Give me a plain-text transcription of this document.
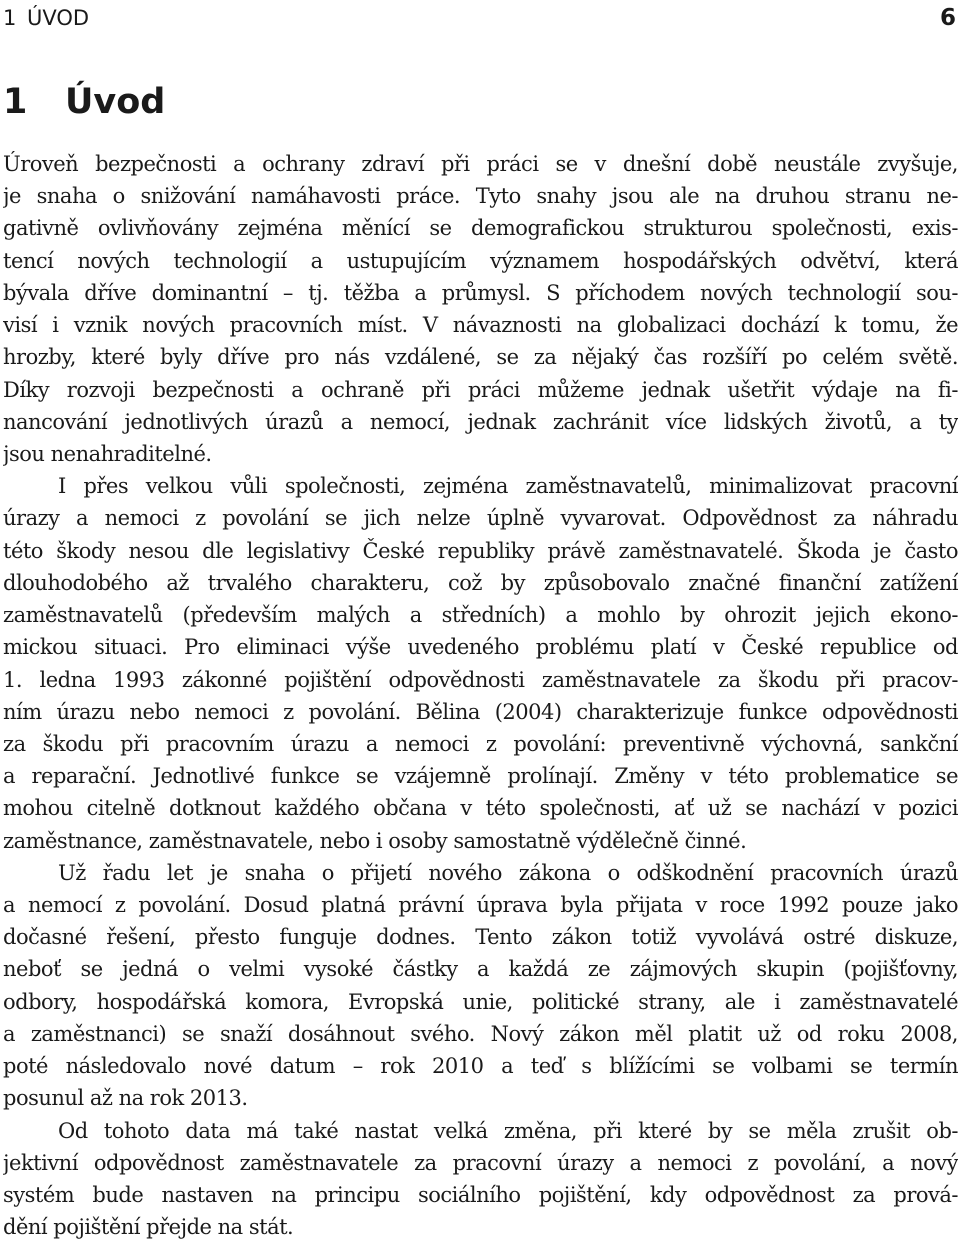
1 ÚVOD	6
1 Úvod
Úroveň bezpečnosti a ochrany zdraví při práci se v dnešní době neustále zvyšuje,
je snaha o snižování namáhavosti práce. Tyto snahy jsou ale na druhou stranu ne-
gativně ovlivňovány zejména měnící se demografickou strukturou společnosti, exis-
tencí nových technologií a ustupujícím významem hospodářských odvětví, která
bývala dříve dominantní – tj. těžba a průmysl. S příchodem nových technologií sou-
visí i vznik nových pracovních míst. V návaznosti na globalizaci dochází k tomu, že
hrozby, které byly dříve pro nás vzdálené, se za nějaký čas rozšíří po celém světě.
Díky rozvoji bezpečnosti a ochraně při práci můžeme jednak ušetřit výdaje na fi-
nancování jednotlivých úrazů a nemocí, jednak zachránit více lidských životů, a ty
jsou nenahraditelné.
I přes velkou vůli společnosti, zejména zaměstnavatelů, minimalizovat pracovní
úrazy a nemoci z povolání se jich nelze úplně vyvarovat. Odpovědnost za náhradu
této škody nesou dle legislativy České republiky právě zaměstnavatelé. Škoda je často
dlouhodobého až trvalého charakteru, což by způsobovalo značné finanční zatížení
zaměstnavatelů (především malých a středních) a mohlo by ohrozit jejich ekono-
mickou situaci. Pro eliminaci výše uvedeného problému platí v České republice od
1. ledna 1993 zákonné pojištění odpovědnosti zaměstnavatele za škodu při pracov-
ním úrazu nebo nemoci z povolání. Bělina (2004) charakterizuje funkce odpovědnosti
za škodu při pracovním úrazu a nemoci z povolání: preventivně výchovná, sankční
a reparační. Jednotlivé funkce se vzájemně prolínají. Změny v této problematice se
mohou citelně dotknout každého občana v této společnosti, ať už se nachází v pozici
zaměstnance, zaměstnavatele, nebo i osoby samostatně výdělečně činné.
Už řadu let je snaha o přijetí nového zákona o odškodnění pracovních úrazů
a nemocí z povolání. Dosud platná právní úprava byla přijata v roce 1992 pouze jako
dočasné řešení, přesto funguje dodnes. Tento zákon totiž vyvolává ostré diskuze,
neboť se jedná o velmi vysoké částky a každá ze zájmových skupin (pojišťovny,
odbory, hospodářská komora, Evropská unie, politické strany, ale i zaměstnavatelé
a zaměstnanci) se snaží dosáhnout svého. Nový zákon měl platit už od roku 2008,
poté následovalo nové datum – rok 2010 a teď s blížícími se volbami se termín
posunul až na rok 2013.
Od tohoto data má také nastat velká změna, při které by se měla zrušit ob-
jektivní odpovědnost zaměstnavatele za pracovní úrazy a nemoci z povolání, a nový
systém bude nastaven na principu sociálního pojištění, kdy odpovědnost za prová-
dění pojištění přejde na stát.
